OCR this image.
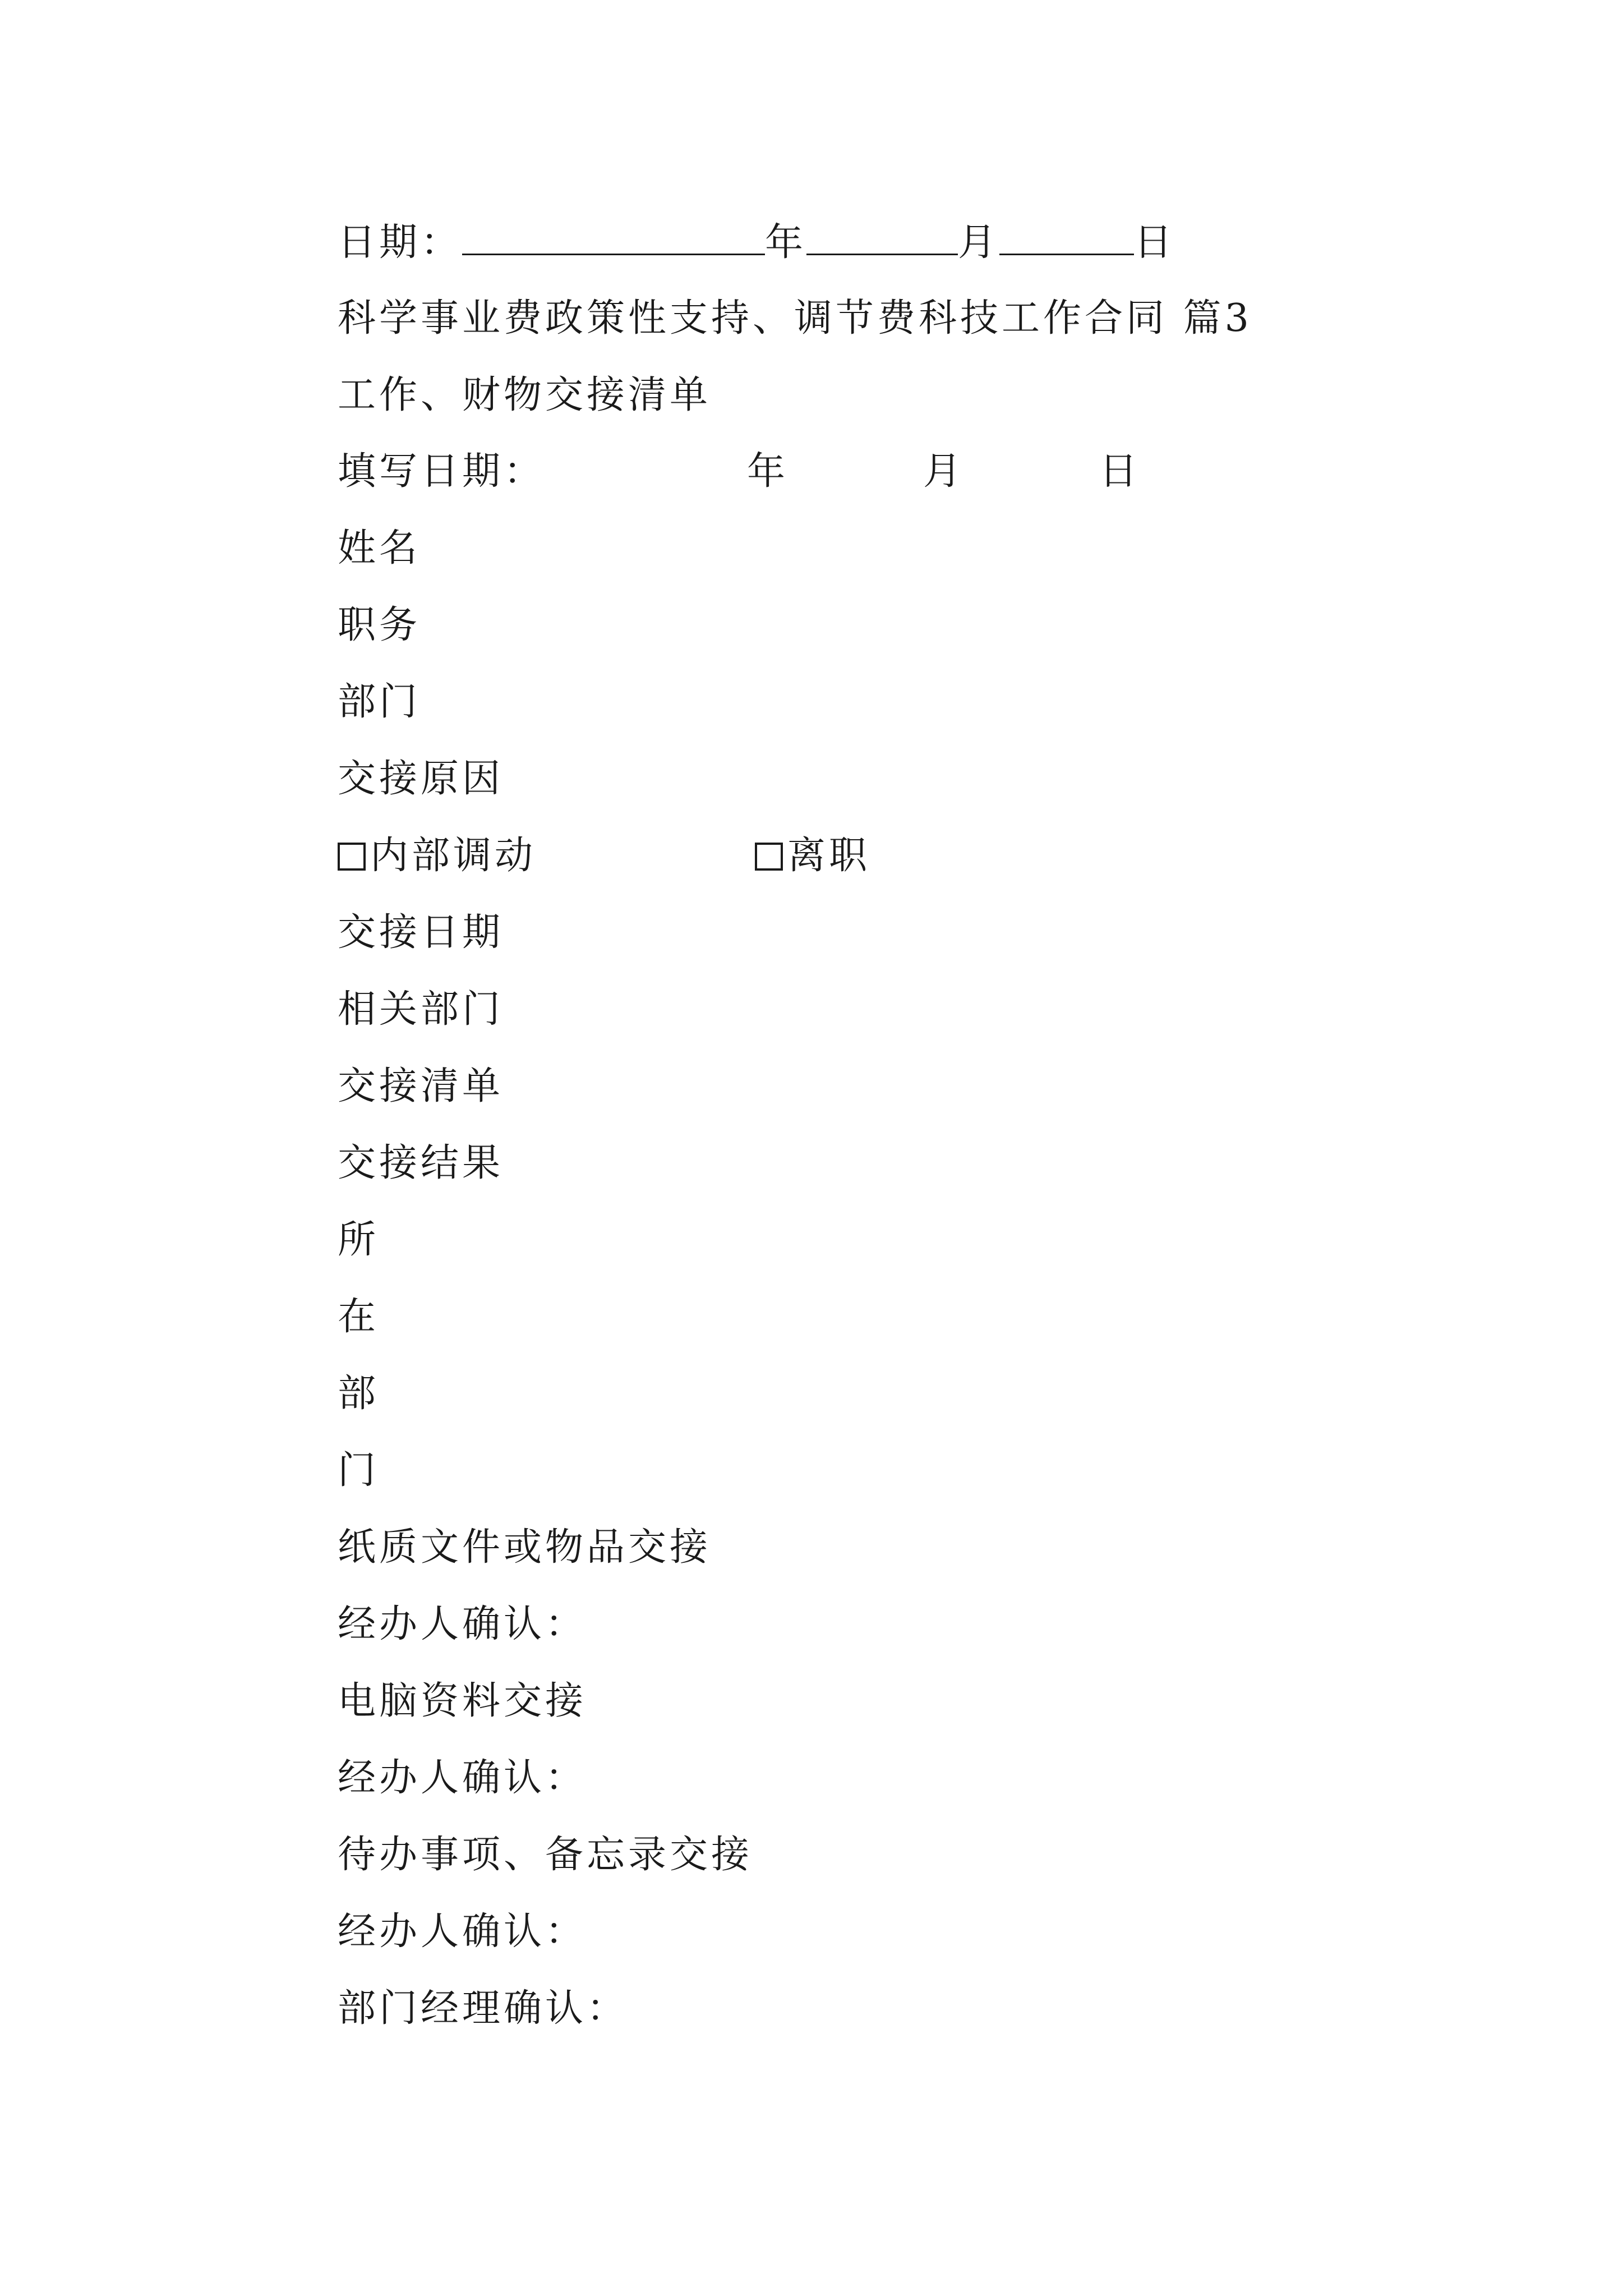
日期：	年	月	日
科学事业费政策性支持、调节费科技工作合同 篇3
工作、财物交接清单
填写日期：	年	月	日
姓名
职务
部门
交接原因
内部调动	离职
交接日期
相关部门
交接清单
交接结果
所
在
部
门
纸质文件或物品交接
经办人确认：
电脑资料交接
经办人确认：
待办事项、备忘录交接
经办人确认：
部门经理确认：
